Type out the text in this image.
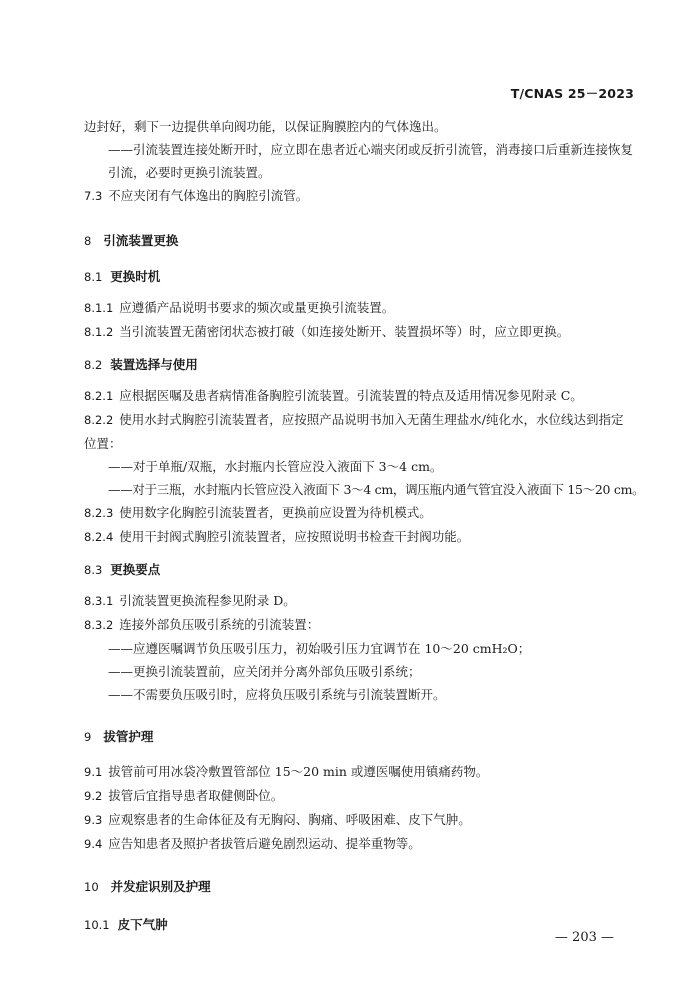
T/CNAS 25－2023

边封好，剩下一边提供单向阀功能，以保证胸膜腔内的气体逸出。

——引流装置连接处断开时，应立即在患者近心端夹闭或反折引流管，消毒接口后重新连接恢复引流，必要时更换引流装置。

7.3 不应夹闭有气体逸出的胸腔引流管。

8 引流装置更换
8.1 更换时机

8.1.1 应遵循产品说明书要求的频次或量更换引流装置。

8.1.2 当引流装置无菌密闭状态被打破（如连接处断开、装置损坏等）时，应立即更换。

8.2 装置选择与使用

8.2.1 应根据医嘱及患者病情准备胸腔引流装置。引流装置的特点及适用情况参见附录 C。

8.2.2 使用水封式胸腔引流装置者，应按照产品说明书加入无菌生理盐水/纯化水，水位线达到指定位置：

——对于单瓶/双瓶，水封瓶内长管应没入液面下 3～4 cm。

——对于三瓶，水封瓶内长管应没入液面下 3～4 cm，调压瓶内通气管宜没入液面下 15～20 cm。

8.2.3 使用数字化胸腔引流装置者，更换前应设置为待机模式。

8.2.4 使用干封阀式胸腔引流装置者，应按照说明书检查干封阀功能。

8.3 更换要点

8.3.1 引流装置更换流程参见附录 D。

8.3.2 连接外部负压吸引系统的引流装置：

——应遵医嘱调节负压吸引压力，初始吸引压力宜调节在 10～20 cmH₂O；

——更换引流装置前，应关闭并分离外部负压吸引系统；

——不需要负压吸引时，应将负压吸引系统与引流装置断开。

9 拔管护理

9.1 拔管前可用冰袋冷敷置管部位 15～20 min 或遵医嘱使用镇痛药物。

9.2 拔管后宜指导患者取健侧卧位。

9.3 应观察患者的生命体征及有无胸闷、胸痛、呼吸困难、皮下气肿。

9.4 应告知患者及照护者拔管后避免剧烈运动、提举重物等。

10 并发症识别及护理
10.1 皮下气肿
— 203 —
